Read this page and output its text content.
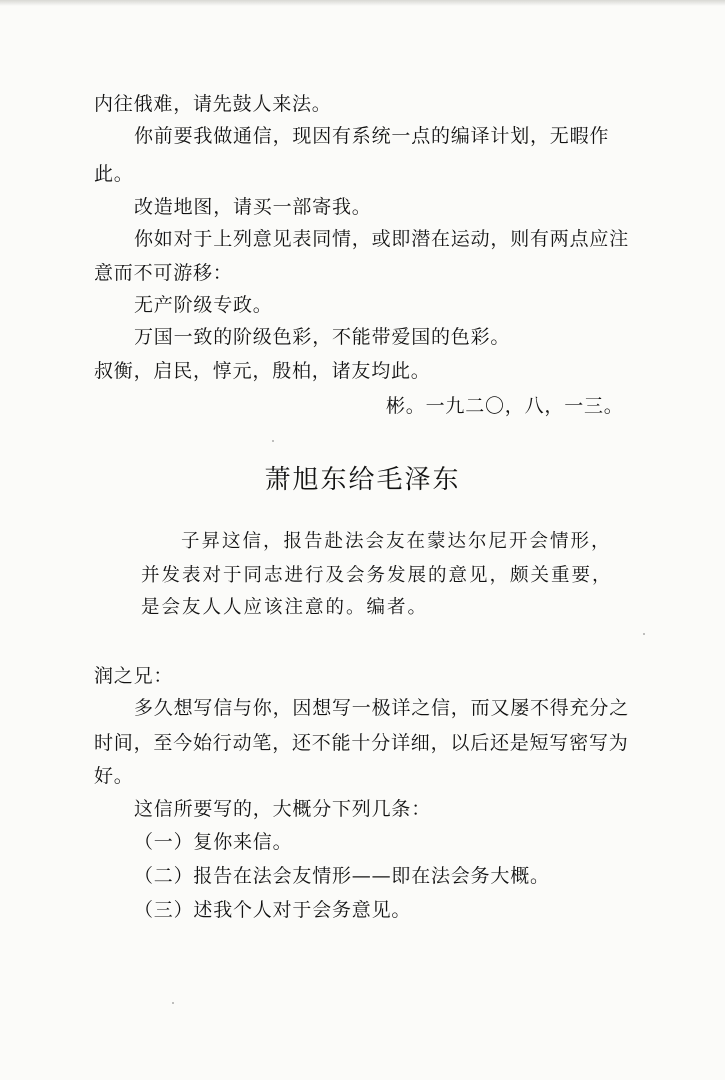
内往俄难，请先鼓人来法。
你前要我做通信，现因有系统一点的编译计划，无暇作
此。
改造地图，请买一部寄我。
你如对于上列意见表同情，或即潜在运动，则有两点应注
意而不可游移：
无产阶级专政。
万国一致的阶级色彩，不能带爱国的色彩。
叔衡，启民，惇元，殷柏，诸友均此。
彬。一九二〇，八，一三。
萧旭东给毛泽东
子昇这信，报告赴法会友在蒙达尔尼开会情形，
并发表对于同志进行及会务发展的意见，颇关重要，
是会友人人应该注意的。编者。
润之兄：
多久想写信与你，因想写一极详之信，而又屡不得充分之
时间，至今始行动笔，还不能十分详细，以后还是短写密写为
好。
这信所要写的，大概分下列几条：
（一）复你来信。
（二）报告在法会友情形——即在法会务大概。
（三）述我个人对于会务意见。
